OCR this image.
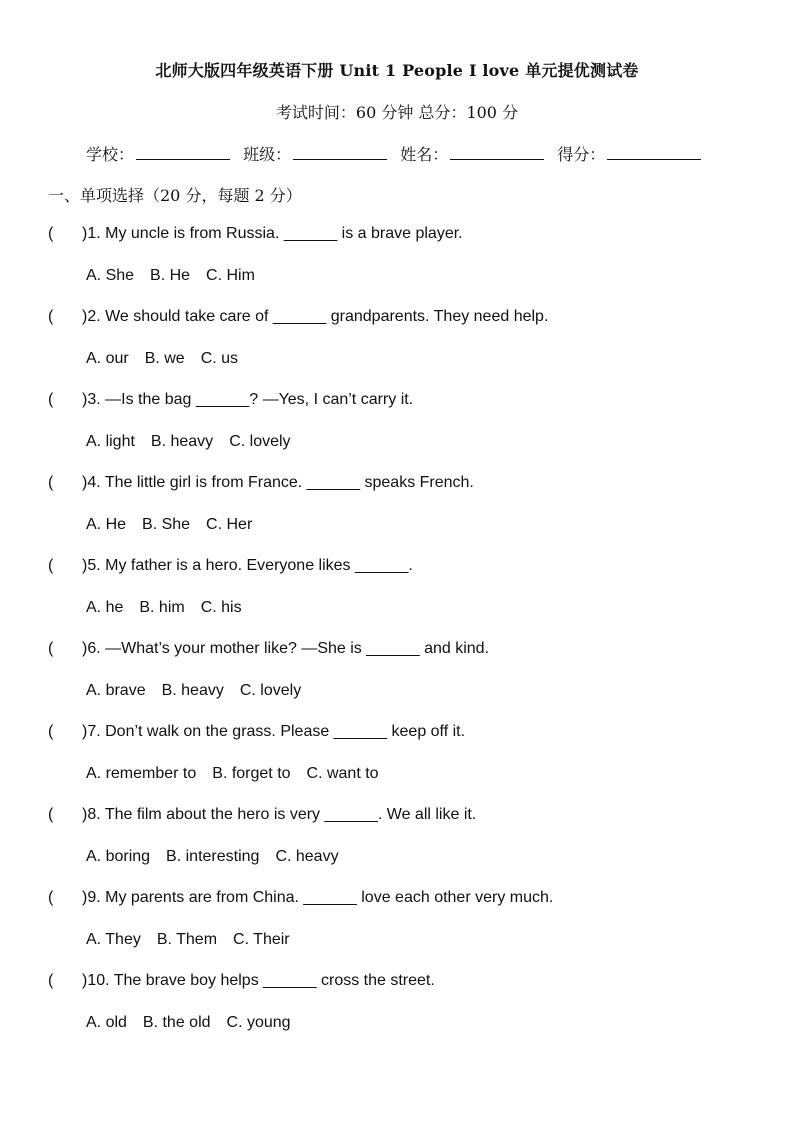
北师大版四年级英语下册 Unit 1 People I love 单元提优测试卷
考试时间：60 分钟 总分：100 分
学校：	班级：	姓名：	得分：
一、单项选择（20 分，每题 2 分）
( )1. My uncle is from Russia. ______ is a brave player.
A. She B. He C. Him
( )2. We should take care of ______ grandparents. They need help.
A. our B. we C. us
( )3. —Is the bag ______? —Yes, I can’t carry it.
A. light B. heavy C. lovely
( )4. The little girl is from France. ______ speaks French.
A. He B. She C. Her
( )5. My father is a hero. Everyone likes ______.
A. he B. him C. his
( )6. —What’s your mother like? —She is ______ and kind.
A. brave B. heavy C. lovely
( )7. Don’t walk on the grass. Please ______ keep off it.
A. remember to B. forget to C. want to
( )8. The film about the hero is very ______. We all like it.
A. boring B. interesting C. heavy
( )9. My parents are from China. ______ love each other very much.
A. They B. Them C. Their
( )10. The brave boy helps ______ cross the street.
A. old B. the old C. young
